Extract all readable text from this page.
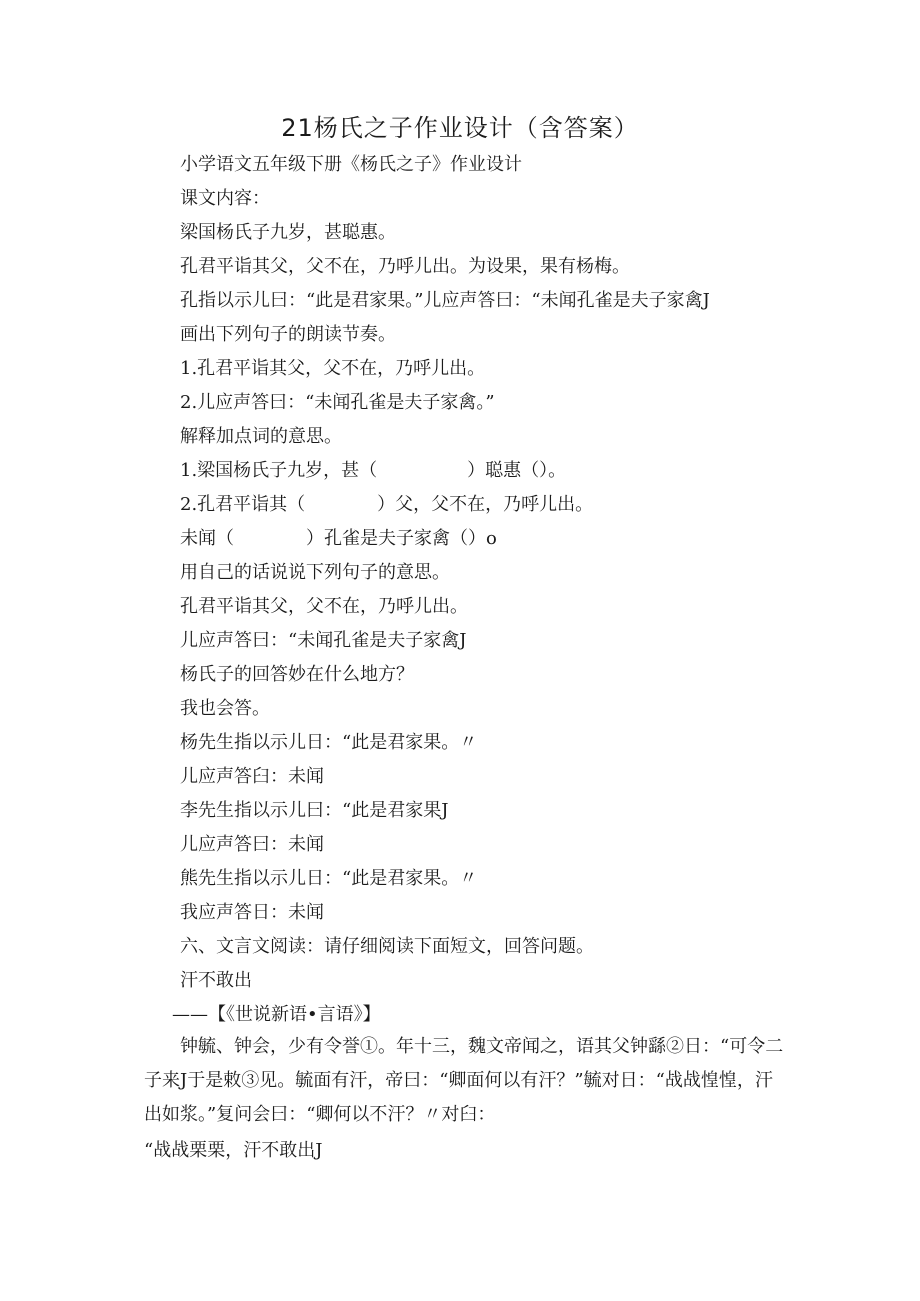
21杨氏之子作业设计（含答案）
小学语文五年级下册《杨氏之子》作业设计
课文内容：
梁国杨氏子九岁，甚聪惠。
孔君平诣其父，父不在，乃呼儿出。为设果，果有杨梅。
孔指以示儿曰：“此是君家果。”儿应声答曰：“未闻孔雀是夫子家禽J
画出下列句子的朗读节奏。
1.孔君平诣其父，父不在，乃呼儿出。
2.儿应声答曰：“未闻孔雀是夫子家禽。”
解释加点词的意思。
1.梁国杨氏子九岁，甚（　　　　　）聪惠（）。
2.孔君平诣其（　　　　）父，父不在，乃呼儿出。
未闻（　　　　）孔雀是夫子家禽（）o
用自己的话说说下列句子的意思。
孔君平诣其父，父不在，乃呼儿出。
儿应声答曰：“未闻孔雀是夫子家禽J
杨氏子的回答妙在什么地方？
我也会答。
杨先生指以示儿日：“此是君家果。〃
儿应声答臼：未闻
李先生指以示儿曰：“此是君家果J
儿应声答曰：未闻
熊先生指以示儿日：“此是君家果。〃
我应声答日：未闻
六、文言文阅读：请仔细阅读下面短文，回答问题。
汗不敢出
——【《世说新语•言语》】
钟毓、钟会，少有令誉①。年十三，魏文帝闻之，语其父钟繇②日：“可令二子来J于是敕③见。毓面有汗，帝曰：“卿面何以有汗？”毓对日：“战战惶惶，汗出如浆。”复问会曰：“卿何以不汗？〃对臼：
“战战栗栗，汗不敢出J
